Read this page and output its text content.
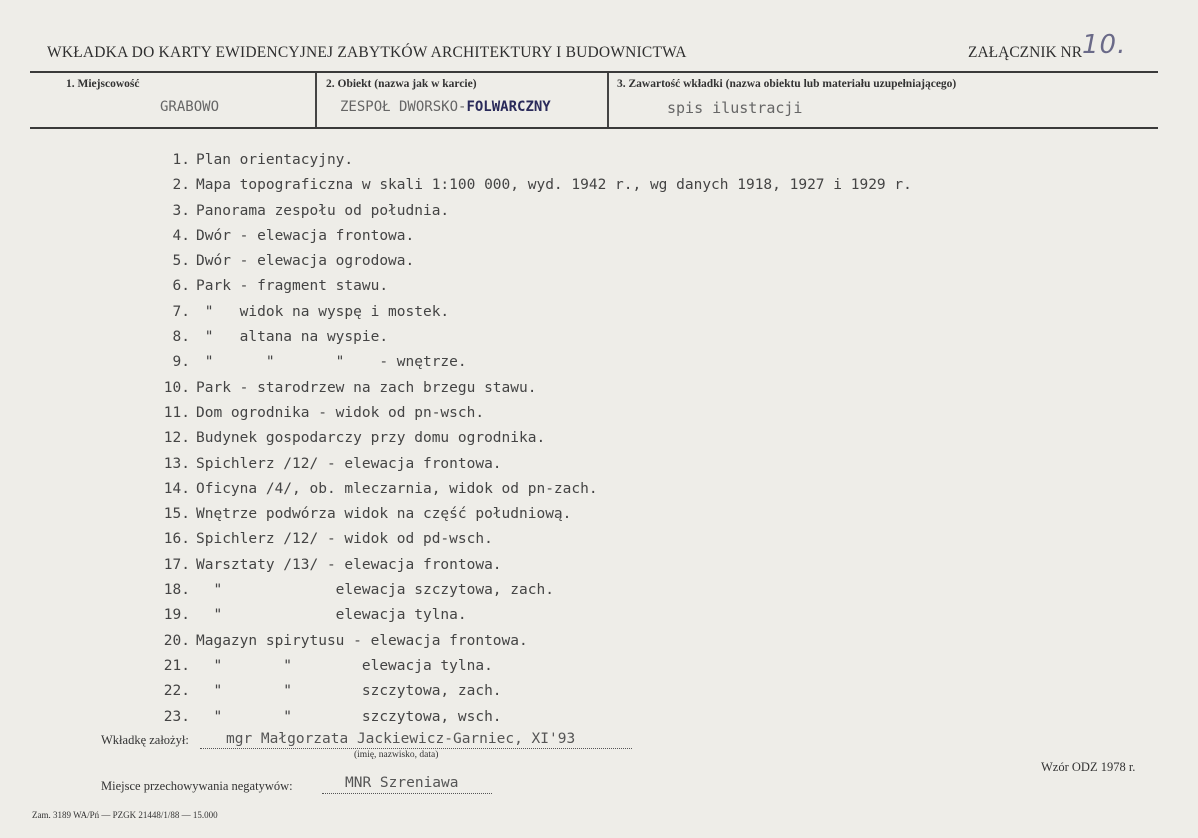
WKŁADKA DO KARTY EWIDENCYJNEJ ZABYTKÓW ARCHITEKTURY I BUDOWNICTWA	ZAŁĄCZNIK NR 10.
1. Miejscowość
GRABOWO
2. Obiekt (nazwa jak w karcie)
ZESPOŁ DWORSKO-FOLWARCZNY
3. Zawartość wkładki (nazwa obiektu lub materiału uzupełniającego)
spis ilustracji
1. Plan orientacyjny.
2. Mapa topograficzna w skali 1:100 000, wyd. 1942 r., wg danych 1918, 1927 i 1929 r.
3. Panorama zespołu od południa.
4. Dwór - elewacja frontowa.
5. Dwór - elewacja ogrodowa.
6. Park - fragment stawu.
7. "   widok na wyspę i mostek.
8. "   altana na wyspie.
9. "      "       "    - wnętrze.
10. Park - starodrzew na zach brzegu stawu.
11. Dom ogrodnika - widok od pn-wsch.
12. Budynek gospodarczy przy domu ogrodnika.
13. Spichlerz /12/ - elewacja frontowa.
14. Oficyna /4/, ob. mleczarnia, widok od pn-zach.
15. Wnętrze podwórza widok na część południową.
16. Spichlerz /12/ - widok od pd-wsch.
17. Warsztaty /13/ - elewacja frontowa.
18.  "             elewacja szczytowa, zach.
19.  "             elewacja tylna.
20. Magazyn spirytusu - elewacja frontowa.
21.  "       "        elewacja tylna.
22.  "       "        szczytowa, zach.
23.  "       "        szczytowa, wsch.
Wkładkę założył:	mgr Małgorzata Jackiewicz-Garniec, XI'93
(imię, nazwisko, data)
Miejsce przechowywania negatywów:	MNR Szreniawa
Wzór ODZ 1978 r.
Zam. 3189 WA/Pń — PZGK 21448/1/88 — 15.000
